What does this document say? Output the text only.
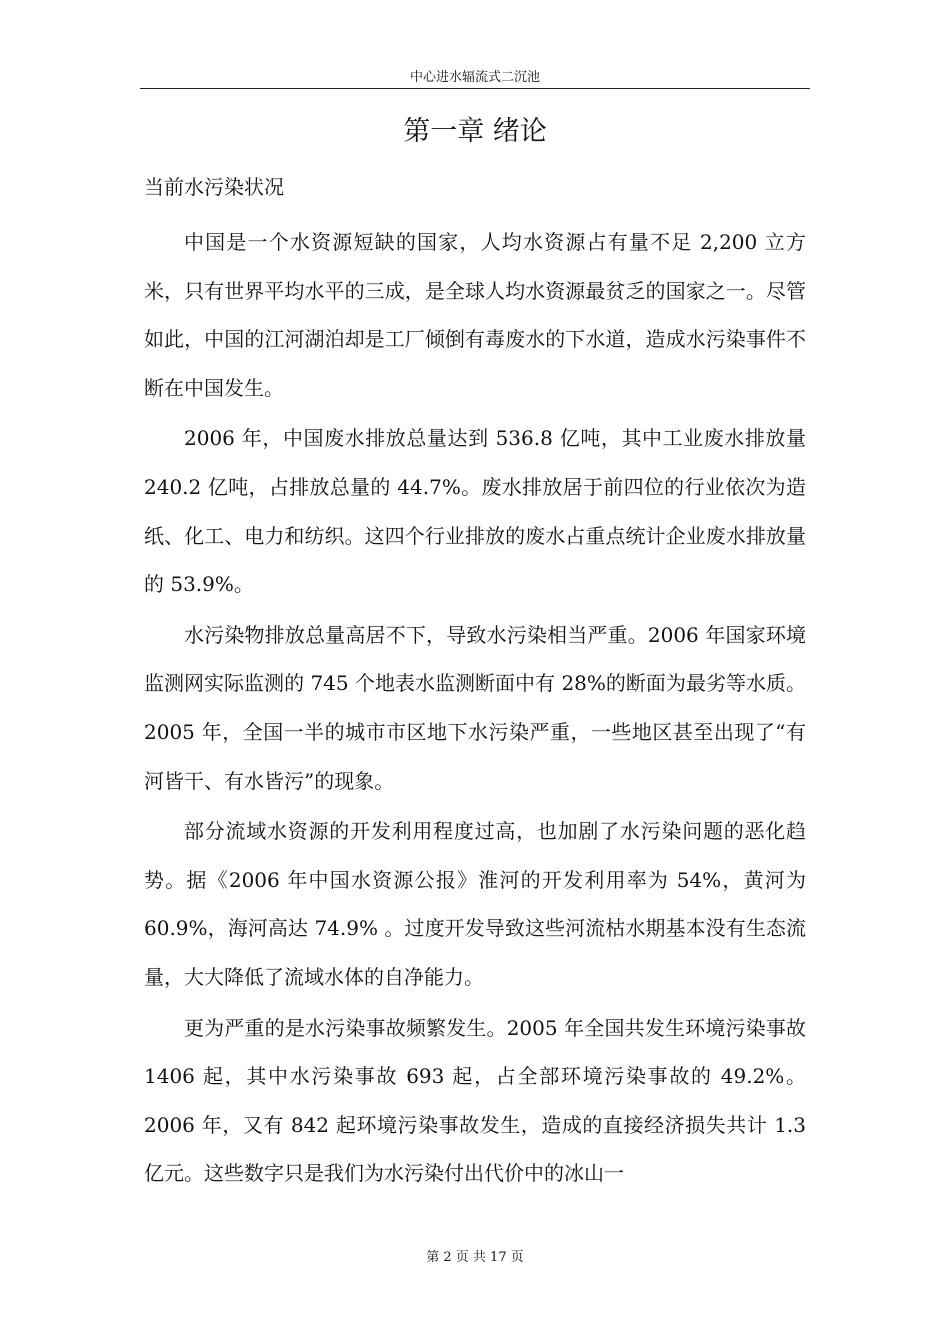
中心进水辐流式二沉池
第一章 绪论
当前水污染状况

中国是一个水资源短缺的国家，人均水资源占有量不足 2,200 立方米，只有世界平均水平的三成，是全球人均水资源最贫乏的国家之一。尽管如此，中国的江河湖泊却是工厂倾倒有毒废水的下水道，造成水污染事件不断在中国发生。

2006 年，中国废水排放总量达到 536.8 亿吨，其中工业废水排放量 240.2 亿吨，占排放总量的 44.7%。废水排放居于前四位的行业依次为造纸、化工、电力和纺织。这四个行业排放的废水占重点统计企业废水排放量的 53.9%。

水污染物排放总量高居不下，导致水污染相当严重。2006 年国家环境监测网实际监测的 745 个地表水监测断面中有 28%的断面为最劣等水质。2005 年，全国一半的城市市区地下水污染严重，一些地区甚至出现了“有河皆干、有水皆污”的现象。

部分流域水资源的开发利用程度过高，也加剧了水污染问题的恶化趋势。据《2006 年中国水资源公报》淮河的开发利用率为 54%，黄河为 60.9%，海河高达 74.9% 。过度开发导致这些河流枯水期基本没有生态流量，大大降低了流域水体的自净能力。

更为严重的是水污染事故频繁发生。2005 年全国共发生环境污染事故 1406 起，其中水污染事故 693 起，占全部环境污染事故的 49.2%。2006 年，又有 842 起环境污染事故发生，造成的直接经济损失共计 1.3 亿元。这些数字只是我们为水污染付出代价中的冰山一

第 2 页 共 17 页
